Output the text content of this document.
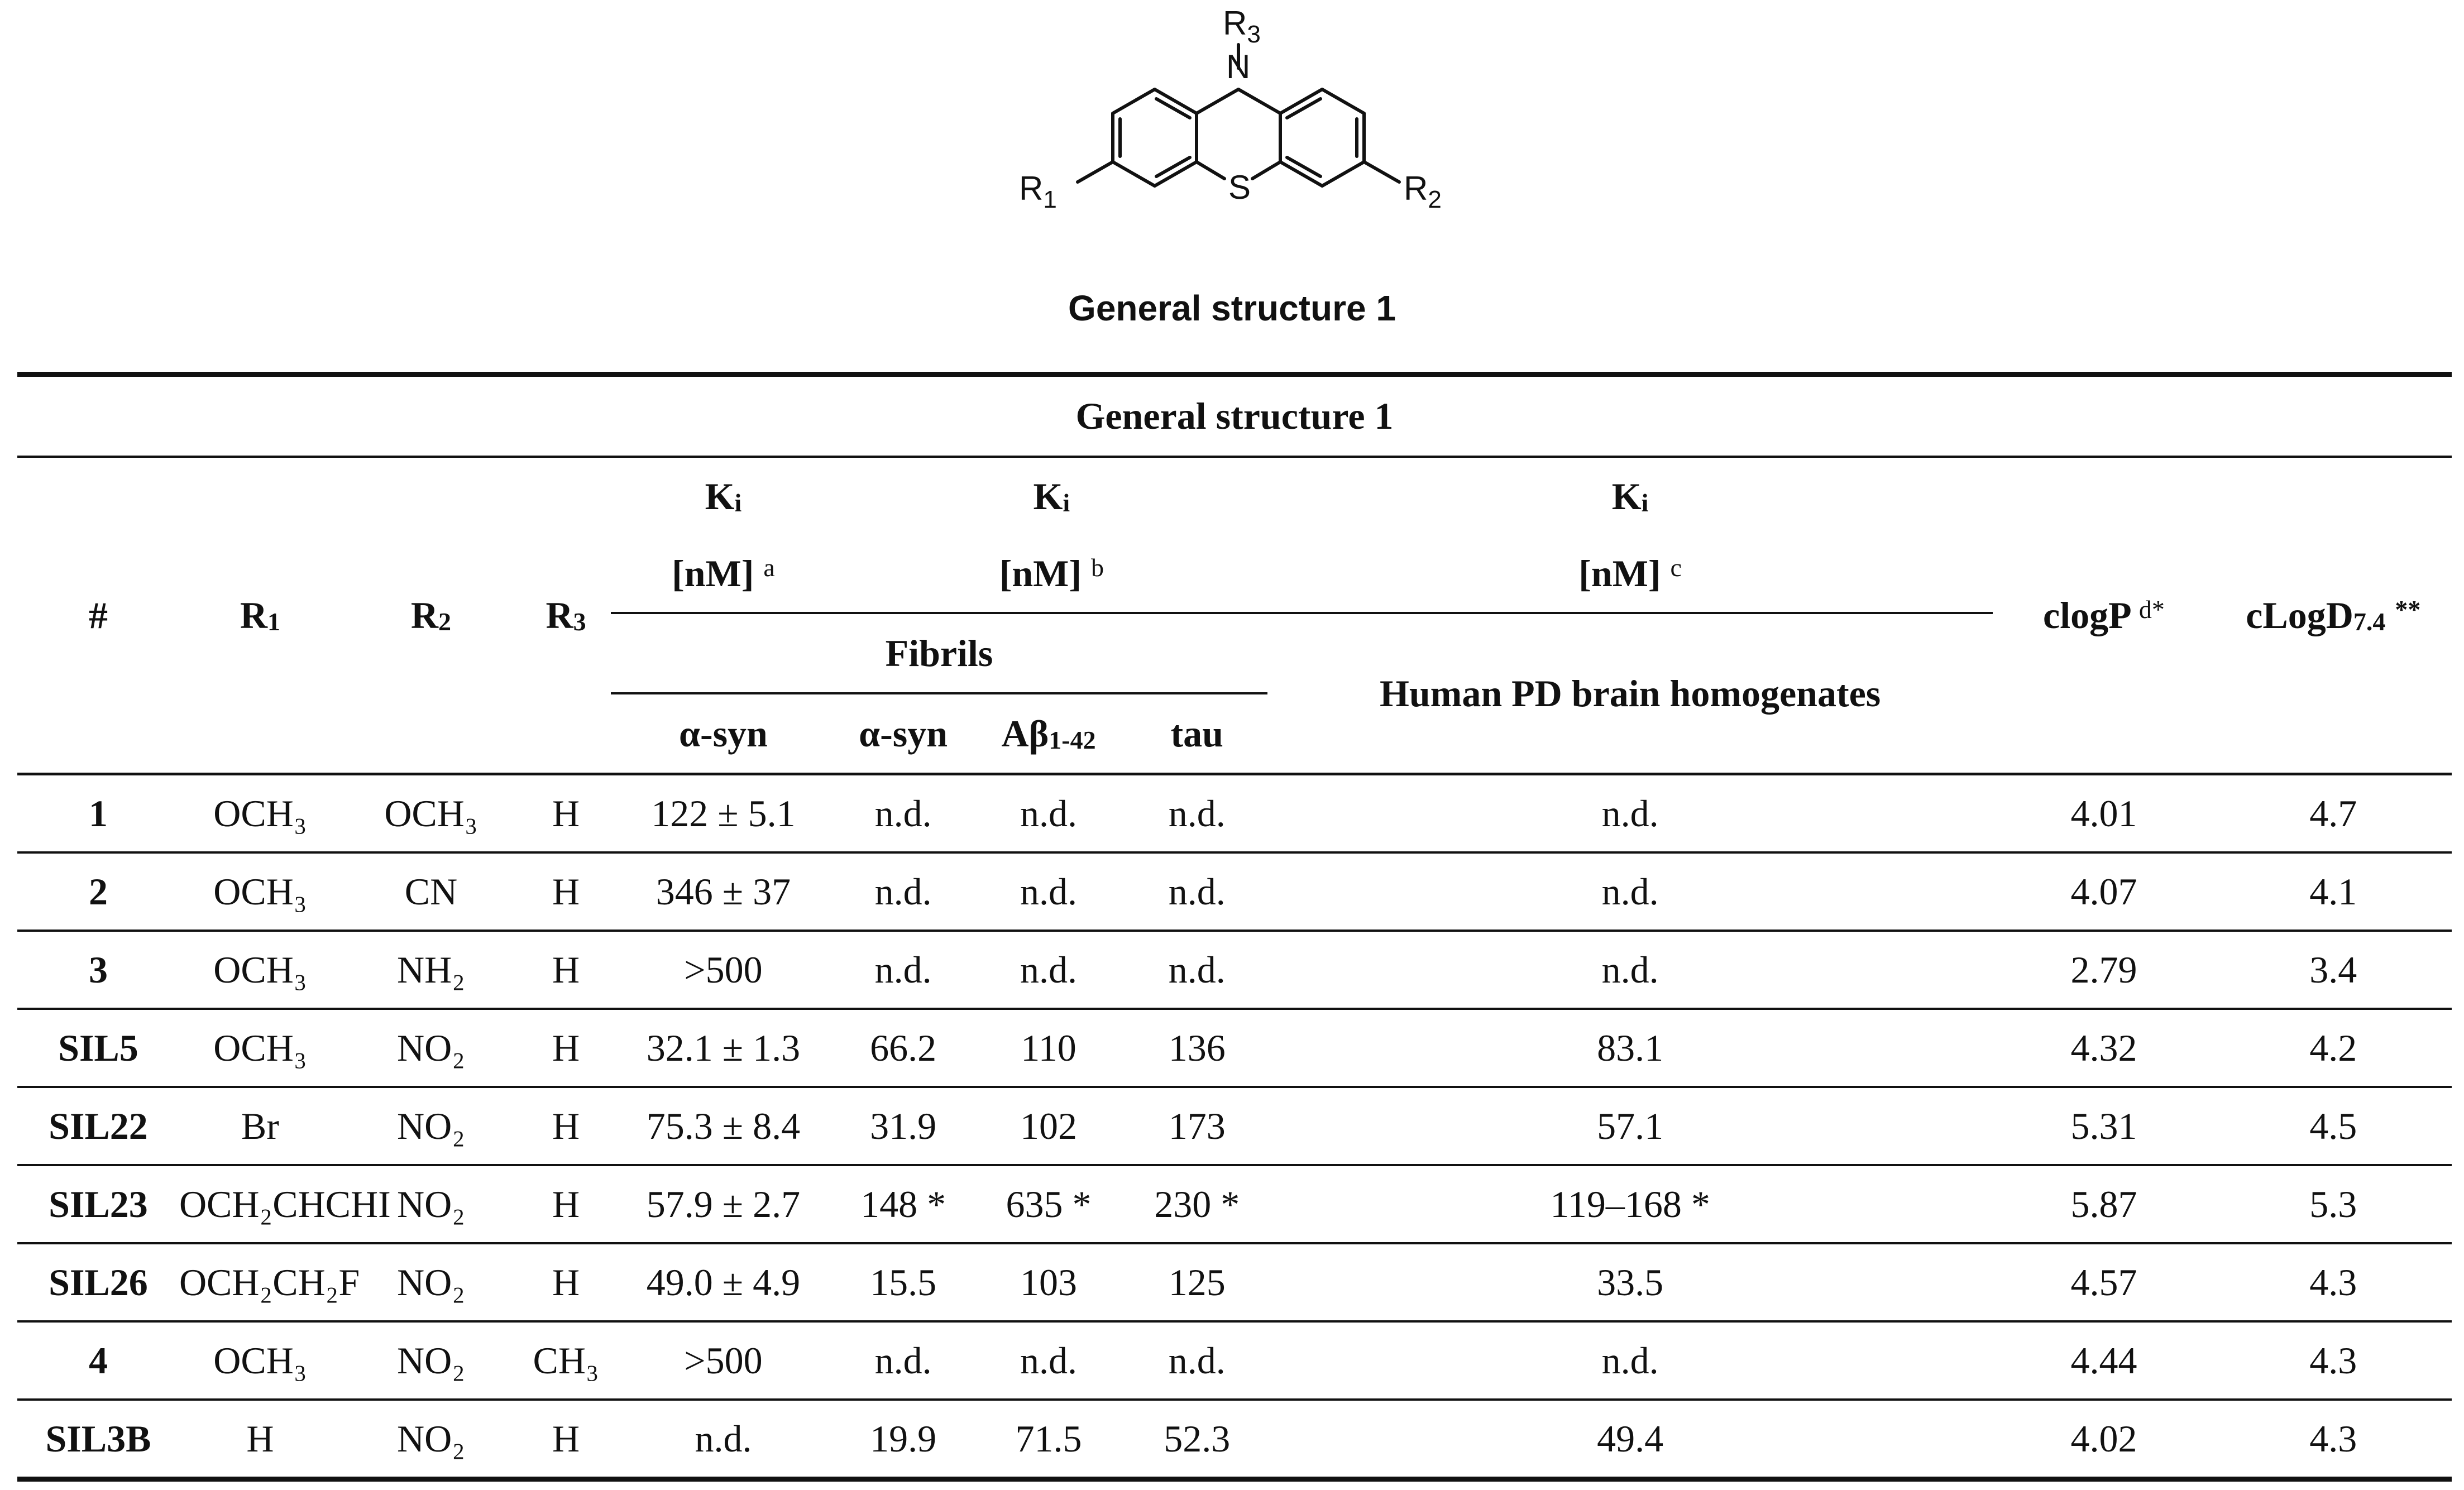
N
S
$R_3$
$R_1$	$R_2$
General structure 1
General structure 1										
#	$R_1$	$R_2$	$R_3$	$K_i$	$K_i$			$K_i$	clogP $^{d*}$	cLogD$_{7.4}$ **
				[nM] $^a$	[nM] $^b$			[nM] $^c$
				Fibrils				Human PD brain homogenates		
				α-syn	α-syn	$A\beta_{1-42}$	tau			
1	OCH₃	OCH₃	H	122 ± 5.1	n.d.	n.d.	n.d.	n.d.	4.01	4.7
2	OCH₃	CN	H	346 ± 37	n.d.	n.d.	n.d.	n.d.	4.07	4.1
3	OCH₃	NH₂	H	>500	n.d.	n.d.	n.d.	n.d.	2.79	3.4
SIL5	OCH₃	NO₂	H	32.1 ± 1.3	66.2	110	136	83.1	4.32	4.2
SIL22	Br	NO₂	H	75.3 ± 8.4	31.9	102	173	57.1	5.31	4.5
SIL23	OCH₂CHCHI	NO₂	H	57.9 ± 2.7	148 *	635 *	230 *	119–168 *	5.87	5.3
SIL26	OCH₂CH₂F	NO₂	H	49.0 ± 4.9	15.5	103	125	33.5	4.57	4.3
4	OCH₃	NO₂	CH₃	>500	n.d.	n.d.	n.d.	n.d.	4.44	4.3
SIL3B	H	NO₂	H	n.d.	19.9	71.5	52.3	49.4	4.02	4.3
